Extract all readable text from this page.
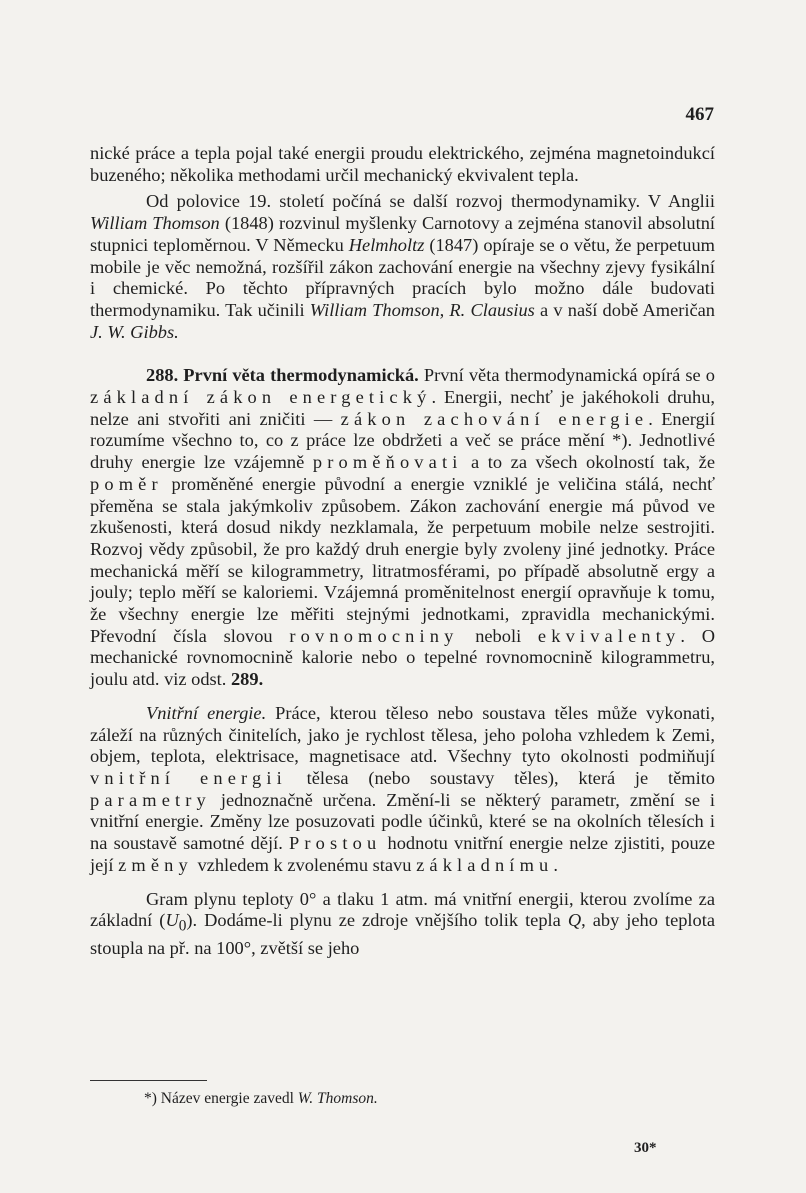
467

nické práce a tepla pojal také energii proudu elektrického, zejména magnetoindukcí buzeného; několika methodami určil mechanický ekvivalent tepla.

Od polovice 19. století počíná se další rozvoj thermodynamiky. V Anglii William Thomson (1848) rozvinul myšlenky Carnotovy a zejména stanovil absolutní stupnici teploměrnou. V Německu Helmholtz (1847) opíraje se o větu, že perpetuum mobile je věc nemožná, rozšířil zákon zachování energie na všechny zjevy fysikální i chemické. Po těchto přípravných pracích bylo možno dále budovati thermodynamiku. Tak učinili William Thomson, R. Clausius a v naší době Američan J. W. Gibbs.

288. První věta thermodynamická. První věta thermodynamická opírá se o základní zákon energetický. Energii, nechť je jakéhokoli druhu, nelze ani stvořiti ani zničiti — zákon zachování energie. Energií rozumíme všechno to, co z práce lze obdržeti a več se práce mění *). Jednotlivé druhy energie lze vzájemně proměňovati a to za všech okolností tak, že poměr proměněné energie původní a energie vzniklé je veličina stálá, nechť přeměna se stala jakýmkoliv způsobem. Zákon zachování energie má původ ve zkušenosti, která dosud nikdy nezklamala, že perpetuum mobile nelze sestrojiti. Rozvoj vědy způsobil, že pro každý druh energie byly zvoleny jiné jednotky. Práce mechanická měří se kilogrammetry, litratmosférami, po případě absolutně ergy a jouly; teplo měří se kaloriemi. Vzájemná proměnitelnost energií opravňuje k tomu, že všechny energie lze měřiti stejnými jednotkami, zpravidla mechanickými. Převodní čísla slovou rovnomocniny neboli ekvivalenty. O mechanické rovnomocnině kalorie nebo o tepelné rovnomocnině kilogrammetru, joulu atd. viz odst. 289.

Vnitřní energie. Práce, kterou těleso nebo soustava těles může vykonati, záleží na různých činitelích, jako je rychlost tělesa, jeho poloha vzhledem k Zemi, objem, teplota, elektrisace, magnetisace atd. Všechny tyto okolnosti podmiňují vnitřní energii tělesa (nebo soustavy těles), která je těmito parametry jednoznačně určena. Změní-li se některý parametr, změní se i vnitřní energie. Změny lze posuzovati podle účinků, které se na okolních tělesích i na soustavě samotné dějí. Prostou hodnotu vnitřní energie nelze zjistiti, pouze její změny vzhledem k zvolenému stavu základnímu.

Gram plynu teploty 0° a tlaku 1 atm. má vnitřní energii, kterou zvolíme za základní $(U_0)$. Dodáme-li plynu ze zdroje vnějšího tolik tepla Q, aby jeho teplota stoupla na př. na 100°, zvětší se jeho

*) Název energie zavedl W. Thomson.
30*
